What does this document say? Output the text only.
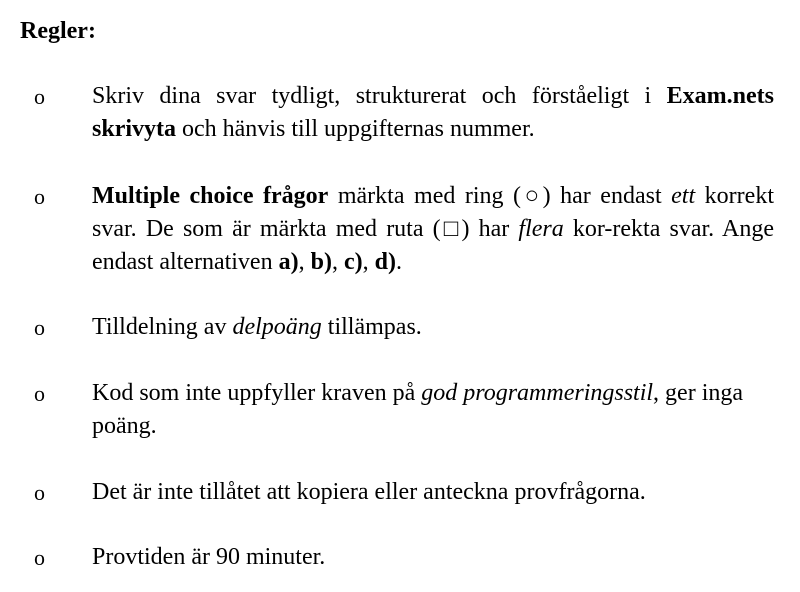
Regler:
o Skriv dina svar tydligt, strukturerat och förståeligt i Exam.nets skrivyta och hänvis till uppgifternas nummer.

o Multiple choice frågor märkta med ring (○) har endast ett korrekt svar. De som är märkta med ruta (□) har flera kor-rekta svar. Ange endast alternativen a), b), c), d).

o Tilldelning av delpoäng tillämpas.

o Kod som inte uppfyller kraven på god programmeringsstil, ger inga poäng.

o Det är inte tillåtet att kopiera eller anteckna provfrågorna.

o Provtiden är 90 minuter.
